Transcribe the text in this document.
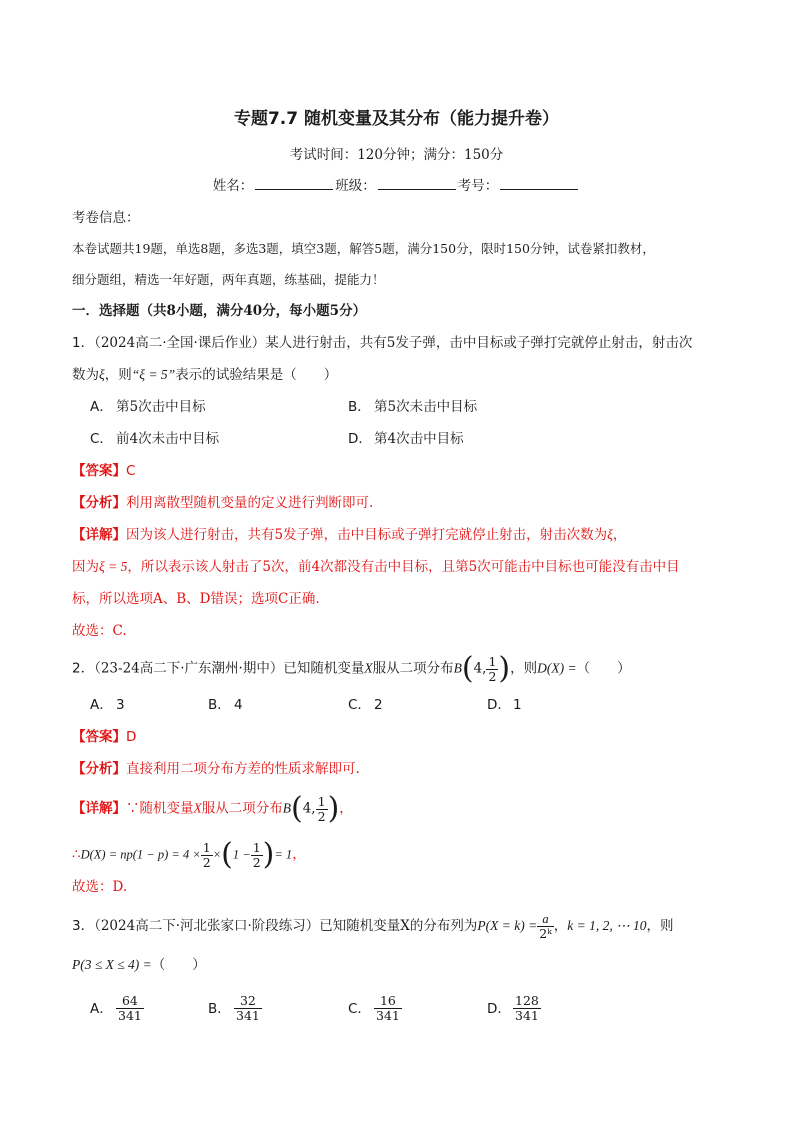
专题7.7 随机变量及其分布（能力提升卷）
考试时间：120分钟；满分：150分
姓名：	班级：	考号：
考卷信息：
本卷试题共19题，单选8题，多选3题，填空3题，解答5题，满分150分，限时150分钟，试卷紧扣教材，
细分题组，精选一年好题，两年真题，练基础，提能力！
一．选择题（共8小题，满分40分，每小题5分）
1．（2024高二·全国·课后作业）某人进行射击，共有5发子弹，击中目标或子弹打完就停止射击，射击次
数为ξ，则“ξ = 5”表示的试验结果是（　　）
A． 第5次击中目标	B． 第5次未击中目标
C． 前4次未击中目标	D． 第4次击中目标
【答案】C
【分析】利用离散型随机变量的定义进行判断即可.
【详解】因为该人进行射击，共有5发子弹，击中目标或子弹打完就停止射击，射击次数为ξ，
因为ξ = 5，所以表示该人射击了5次，前4次都没有击中目标，且第5次可能击中目标也可能没有击中目
标，所以选项A、B、D错误；选项C正确.
故选：C.
2．（23-24高二下·广东潮州·期中）已知随机变量X服从二项分布B(4, $\frac{1}{2}$ )，则D(X) =（　　）
A． 3	B． 4	C． 2	D． 1
【答案】D
【分析】直接利用二项分布方差的性质求解即可.
【详解】∵随机变量X服从二项分布B(4, $\frac{1}{2}$ )，
∴D(X) = $np(1 - p) = 4 \times \frac{1}{2} \times(1 - \frac{1}{2}$ )= 1，
故选：D.
3．（2024高二下·河北张家口·阶段练习）已知随机变量X的分布列为$P(X = k) = \frac{a}{\text{2ᵏ}}$ ，k = 1, 2, ⋯ 10，则
P(3 ≤ X ≤ 4) =（　　）
A． $\frac{64}{341}$	B． $\frac{32}{341}$	C． $\frac{16}{341}$	D． $\frac{128}{341}$
